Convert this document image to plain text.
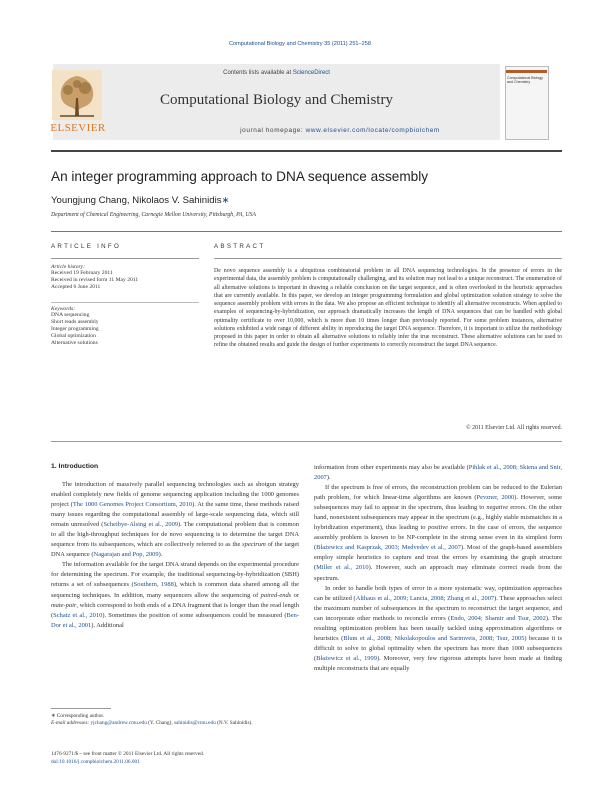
Computational Biology and Chemistry 35 (2011) 251–258
Contents lists available at ScienceDirect
Computational Biology and Chemistry
journal homepage: www.elsevier.com/locate/compbiolchem
ELSEVIER
Computational Biology and Chemistry
An integer programming approach to DNA sequence assembly
Youngjung Chang, Nikolaos V. Sahinidis∗
Department of Chemical Engineering, Carnegie Mellon University, Pittsburgh, PA, USA
ARTICLE INFO
Article history:
Received 19 February 2011
Received in revised form 11 May 2011
Accepted 6 June 2011
Keywords:
DNA sequencing
Short reads assembly
Integer programming
Global optimization
Alternative solutions
ABSTRACT

De novo sequence assembly is a ubiquitous combinatorial problem in all DNA sequencing technologies. In the presence of errors in the experimental data, the assembly problem is computationally challenging, and its solution may not lead to a unique reconstruct. The enumeration of all alternative solutions is important in drawing a reliable conclusion on the target sequence, and is often overlooked in the heuristic approaches that are currently available. In this paper, we develop an integer programming formulation and global optimization solution strategy to solve the sequence assembly problem with errors in the data. We also propose an efficient technique to identify all alternative reconstructs. When applied to examples of sequencing-by-hybridization, our approach dramatically increases the length of DNA sequences that can be handled with global optimality certificate to over 10,000, which is more than 10 times longer than previously reported. For some problem instances, alternative solutions exhibited a wide range of different ability in reproducing the target DNA sequence. Therefore, it is important to utilize the methodology proposed in this paper in order to obtain all alternative solutions to reliably infer the true reconstruct. These alternative solutions can be used to refine the obtained results and guide the design of further experiments to correctly reconstruct the target DNA sequence.

© 2011 Elsevier Ltd. All rights reserved.
1. Introduction

The introduction of massively parallel sequencing technologies such as shotgun strategy enabled completely new fields of genome sequencing application including the 1000 genomes project (The 1000 Genomes Project Consortium, 2010). At the same time, these methods raised many issues regarding the computational assembly of large-scale sequencing data, which still remain unresolved (Scheibye-Alsing et al., 2009). The computational problem that is common to all the high-throughput techniques for de novo sequencing is to determine the target DNA sequence from its subsequences, which are collectively referred to as the spectrum of the target DNA sequence (Nagarajan and Pop, 2009).

The information available for the target DNA strand depends on the experimental procedure for determining the spectrum. For example, the traditional sequencing-by-hybridization (SBH) returns a set of subsequences (Southern, 1988), which is common data shared among all the sequencing techniques. In addition, many sequencers allow the sequencing of paired-ends or mate-pair, which correspond to both ends of a DNA fragment that is longer than the read length (Schatz et al., 2010). Sometimes the position of some subsequences could be measured (Ben-Dor et al., 2001). Additional

information from other experiments may also be available (Pihlak et al., 2008; Skiena and Snir, 2007).

If the spectrum is free of errors, the reconstruction problem can be reduced to the Eulerian path problem, for which linear-time algorithms are known (Pevzner, 2000). However, some subsequences may fail to appear in the spectrum, thus leading to negative errors. On the other hand, nonexistent subsequences may appear in the spectrum (e.g., highly stable mismatches in a hybridization experiment), thus leading to positive errors. In the case of errors, the sequence assembly problem is known to be NP-complete in the strong sense even in its simplest form (Błażewicz and Kasprzak, 2003; Medvedev et al., 2007). Most of the graph-based assemblers employ simple heuristics to capture and treat the errors by examining the graph structure (Miller et al., 2010). However, such an approach may eliminate correct reads from the spectrum.

In order to handle both types of error in a more systematic way, optimization approaches can be utilized (Althaus et al., 2009; Lancia, 2008; Zhang et al., 2007). These approaches select the maximum number of subsequences in the spectrum to reconstruct the target sequence, and can incorporate other methods to reconcile errors (Endo, 2004; Shamir and Tsur, 2002). The resulting optimization problem has been usually tackled using approximation algorithms or heuristics (Blum et al., 2008; Nikolakopoulos and Sarimveis, 2008; Tsur, 2005) because it is difficult to solve to global optimality when the spectrum has more than 1000 subsequences (Błażewicz et al., 1999). Moreover, very few rigorous attempts have been made at finding multiple reconstructs that are equally

∗ Corresponding author.
E-mail addresses: yjchang@andrew.cmu.edu (Y. Chang), sahinidis@cmu.edu (N.V. Sahinidis).
1476-9271/$ – see front matter © 2011 Elsevier Ltd. All rights reserved.
doi:10.1016/j.compbiolchem.2011.06.001
